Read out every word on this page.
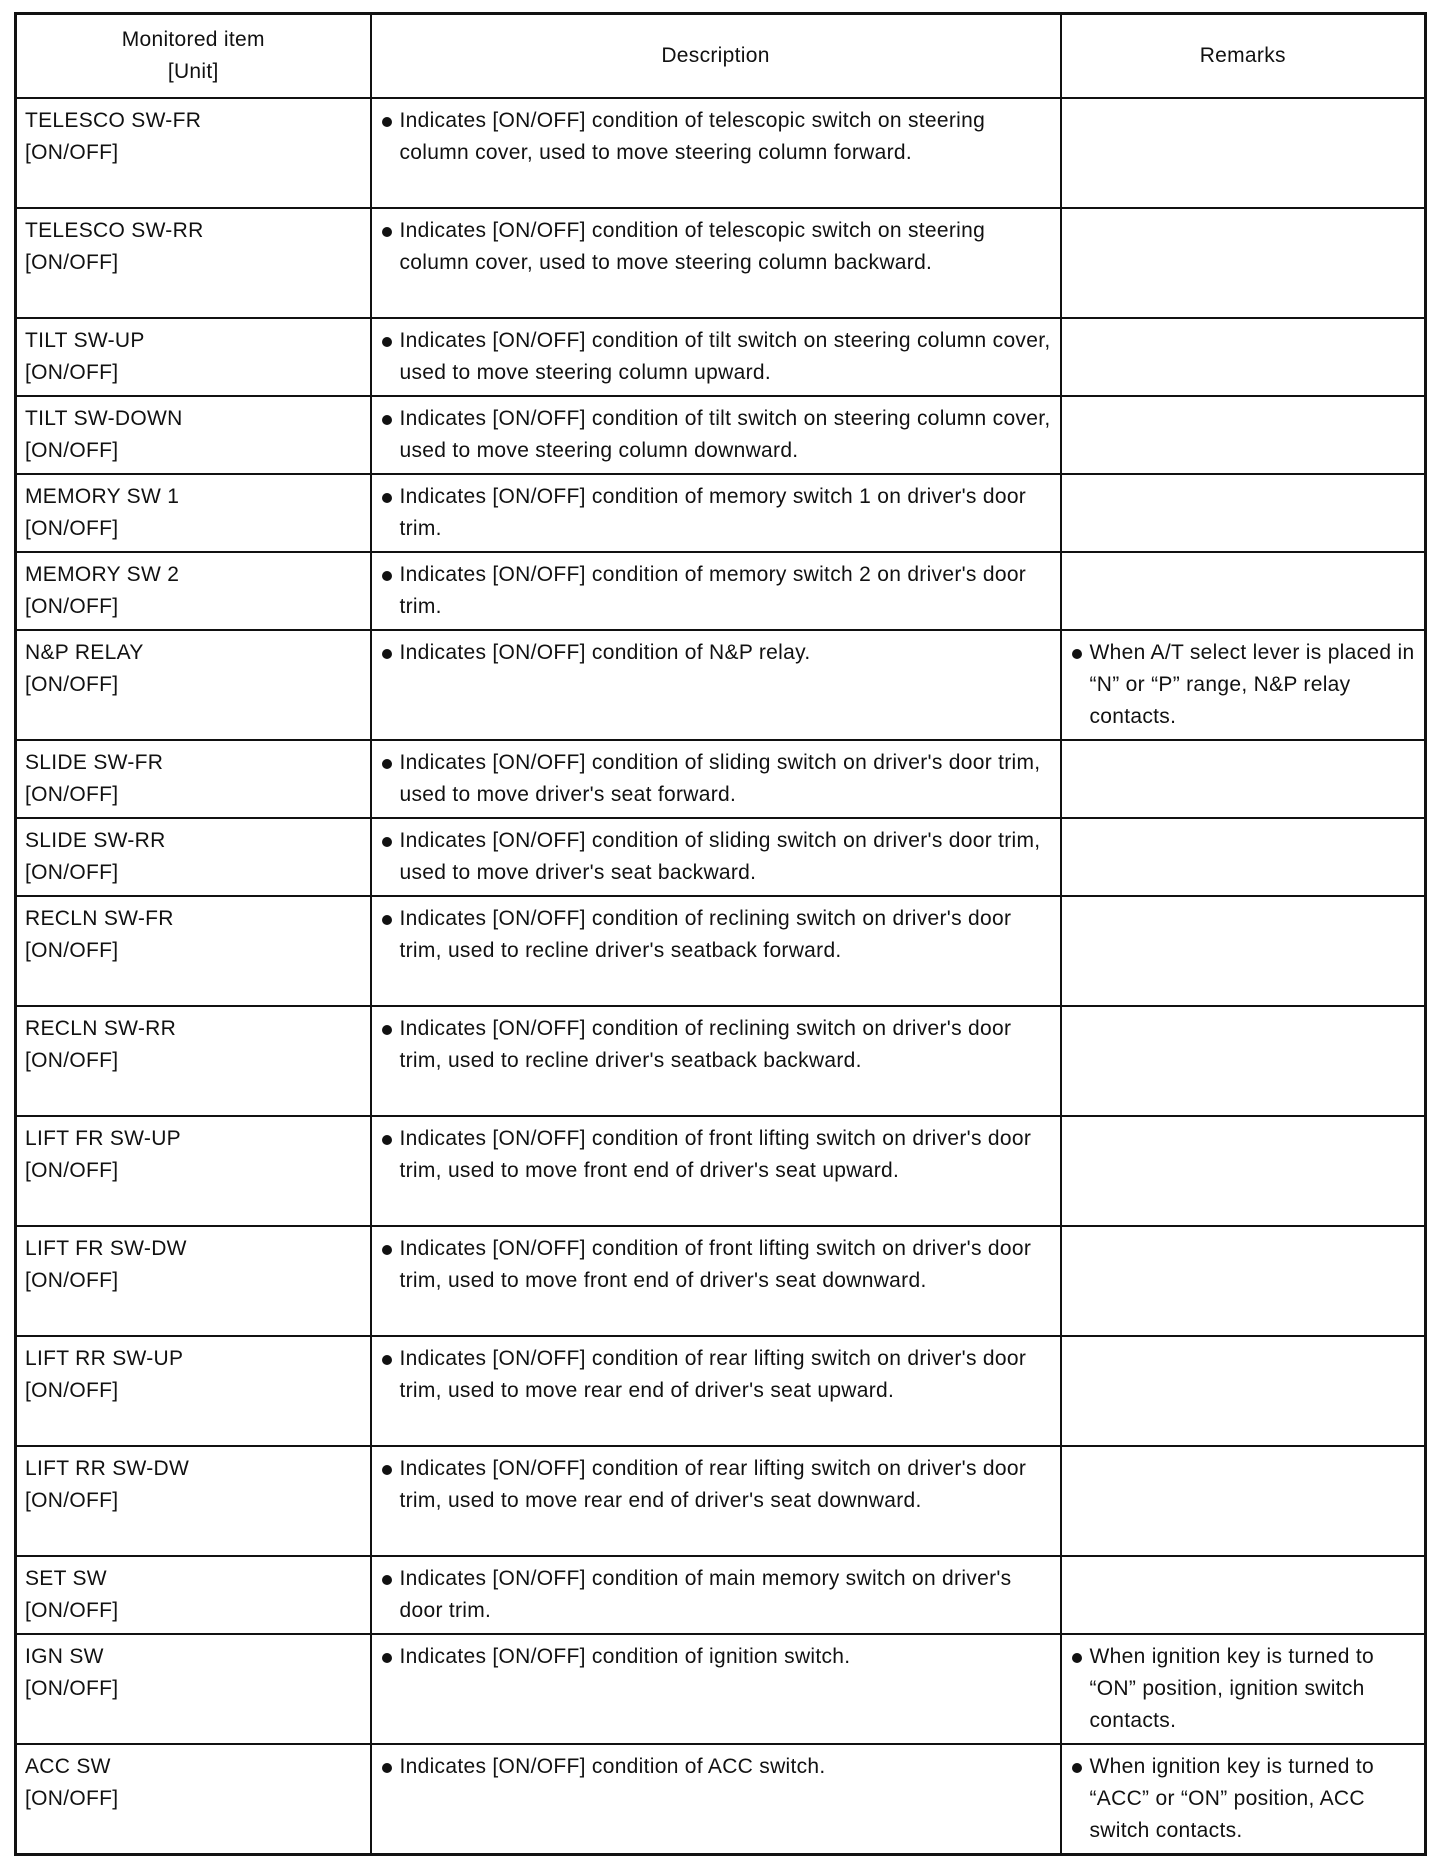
Monitored item
[Unit]	Description	Remarks

TELESCO SW-FR
[ON/OFF]	Indicates [ON/OFF] condition of telescopic switch on steering column cover, used to move steering column forward.	

TELESCO SW-RR
[ON/OFF]	Indicates [ON/OFF] condition of telescopic switch on steering column cover, used to move steering column backward.	

TILT SW-UP
[ON/OFF]	Indicates [ON/OFF] condition of tilt switch on steering column cover, used to move steering column upward.	

TILT SW-DOWN
[ON/OFF]	Indicates [ON/OFF] condition of tilt switch on steering column cover, used to move steering column downward.	

MEMORY SW 1
[ON/OFF]	Indicates [ON/OFF] condition of memory switch 1 on driver's door trim.	

MEMORY SW 2
[ON/OFF]	Indicates [ON/OFF] condition of memory switch 2 on driver's door trim.	

N&P RELAY
[ON/OFF]	Indicates [ON/OFF] condition of N&P relay.	When A/T select lever is placed in “N” or “P” range, N&P relay contacts.

SLIDE SW-FR
[ON/OFF]	Indicates [ON/OFF] condition of sliding switch on driver's door trim, used to move driver's seat forward.	

SLIDE SW-RR
[ON/OFF]	Indicates [ON/OFF] condition of sliding switch on driver's door trim, used to move driver's seat backward.	

RECLN SW-FR
[ON/OFF]	Indicates [ON/OFF] condition of reclining switch on driver's door trim, used to recline driver's seatback forward.	

RECLN SW-RR
[ON/OFF]	Indicates [ON/OFF] condition of reclining switch on driver's door trim, used to recline driver's seatback backward.	

LIFT FR SW-UP
[ON/OFF]	Indicates [ON/OFF] condition of front lifting switch on driver's door trim, used to move front end of driver's seat upward.	

LIFT FR SW-DW
[ON/OFF]	Indicates [ON/OFF] condition of front lifting switch on driver's door trim, used to move front end of driver's seat downward.	

LIFT RR SW-UP
[ON/OFF]	Indicates [ON/OFF] condition of rear lifting switch on driver's door trim, used to move rear end of driver's seat upward.	

LIFT RR SW-DW
[ON/OFF]	Indicates [ON/OFF] condition of rear lifting switch on driver's door trim, used to move rear end of driver's seat downward.	

SET SW
[ON/OFF]	Indicates [ON/OFF] condition of main memory switch on driver's door trim.	

IGN SW
[ON/OFF]	Indicates [ON/OFF] condition of ignition switch.	When ignition key is turned to “ON” position, ignition switch contacts.

ACC SW
[ON/OFF]	Indicates [ON/OFF] condition of ACC switch.	When ignition key is turned to “ACC” or “ON” position, ACC switch contacts.
